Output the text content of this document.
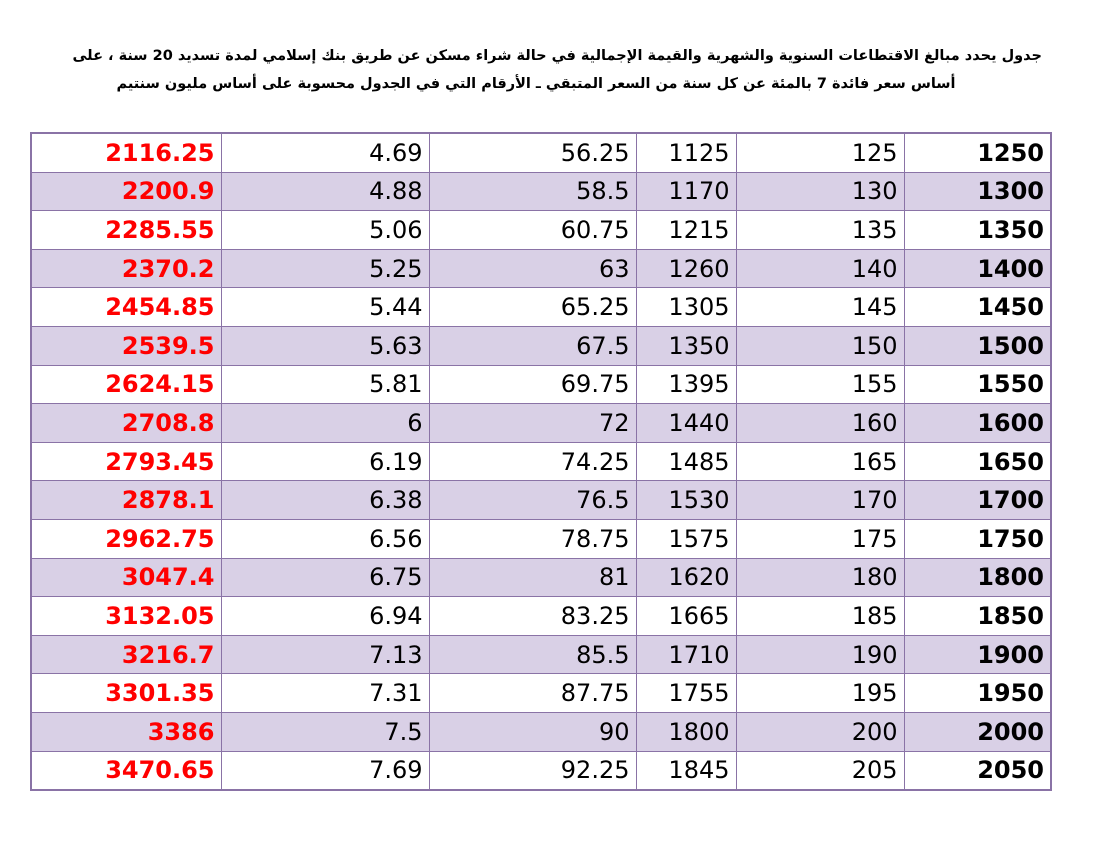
جدول يحدد مبالغ الاقتطاعات السنوية والشهرية والقيمة الإجمالية في حالة شراء مسكن عن طريق بنك إسلامي لمدة تسديد 20 سنة ، على
أساس سعر فائدة 7 بالمئة عن كل سنة من السعر المتبقي ـ الأرقام التي في الجدول محسوبة على أساس مليون سنتيم
2116.25	4.69	56.25	1125	125	1250
2200.9	4.88	58.5	1170	130	1300
2285.55	5.06	60.75	1215	135	1350
2370.2	5.25	63	1260	140	1400
2454.85	5.44	65.25	1305	145	1450
2539.5	5.63	67.5	1350	150	1500
2624.15	5.81	69.75	1395	155	1550
2708.8	6	72	1440	160	1600
2793.45	6.19	74.25	1485	165	1650
2878.1	6.38	76.5	1530	170	1700
2962.75	6.56	78.75	1575	175	1750
3047.4	6.75	81	1620	180	1800
3132.05	6.94	83.25	1665	185	1850
3216.7	7.13	85.5	1710	190	1900
3301.35	7.31	87.75	1755	195	1950
3386	7.5	90	1800	200	2000
3470.65	7.69	92.25	1845	205	2050
